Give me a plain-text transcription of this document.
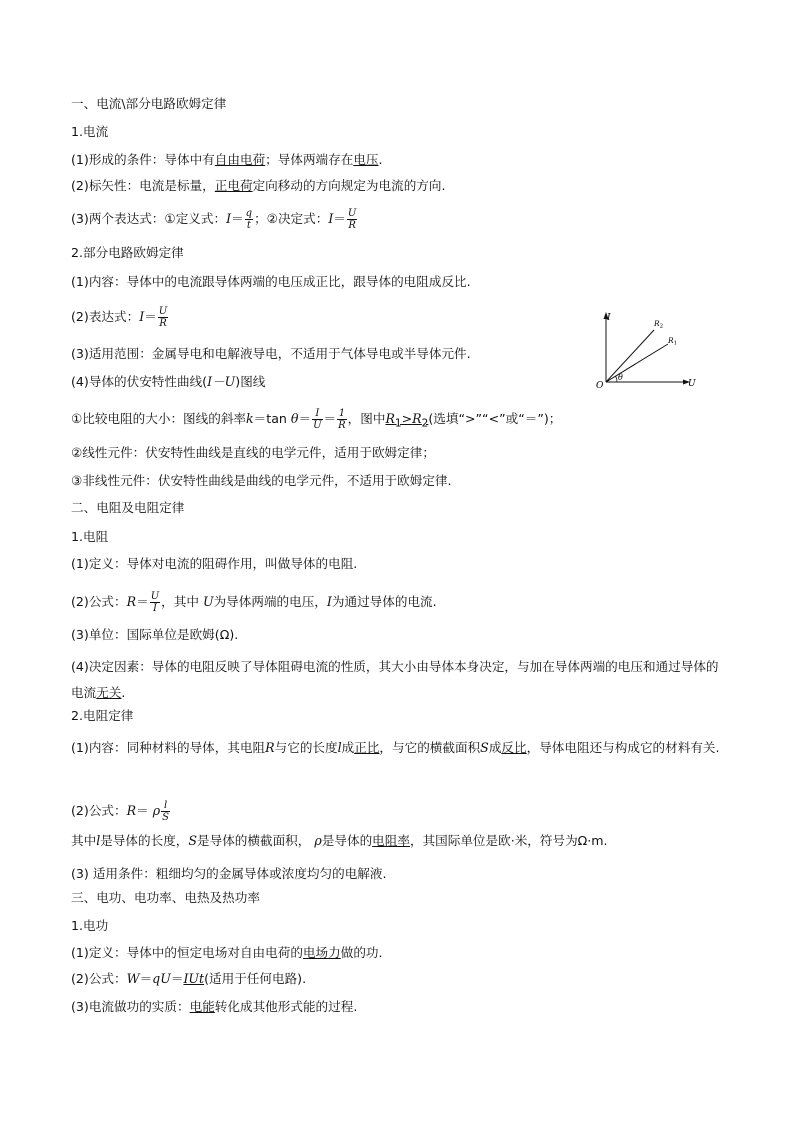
一、电流\部分电路欧姆定律
1.电流
(1)形成的条件：导体中有自由电荷；导体两端存在电压.
(2)标矢性：电流是标量，正电荷定向移动的方向规定为电流的方向.
(3)两个表达式：①定义式：$I= \frac{q}{t}$ ；②决定式：$I= \frac{U}{R}$
2.部分电路欧姆定律
(1)内容：导体中的电流跟导体两端的电压成正比，跟导体的电阻成反比.
(2)表达式：$I= \frac{U}{R}$
(3)适用范围：金属导电和电解液导电，不适用于气体导电或半导体元件.
(4)导体的伏安特性曲线(I－U)图线
①比较电阻的大小：图线的斜率k＝tan $\theta= \frac{I}{U} = \frac{1}{R}$ ，图中$R_1>R_2$(选填“>”“<”或“＝”)；
②线性元件：伏安特性曲线是直线的电学元件，适用于欧姆定律；
③非线性元件：伏安特性曲线是曲线的电学元件，不适用于欧姆定律.
I
U
O
$R_2$
$R_1$
θ
二、电阻及电阻定律
1.电阻
(1)定义：导体对电流的阻碍作用，叫做导体的电阻.
(2)公式：$R= \frac{U}{I}$ ，其中 U为导体两端的电压，I为通过导体的电流.
(3)单位：国际单位是欧姆(Ω).
(4)决定因素：导体的电阻反映了导体阻碍电流的性质，其大小由导体本身决定，与加在导体两端的电压和通过导体的电流无关.
2.电阻定律
(1)内容：同种材料的导体，其电阻R与它的长度l成正比，与它的横截面积S成反比，导体电阻还与构成它的材料有关.
(2)公式：R＝ ρ $\frac{l}{S}$
其中l是导体的长度，S是导体的横截面积， ρ是导体的电阻率，其国际单位是欧·米，符号为Ω·m.
(3) 适用条件：粗细均匀的金属导体或浓度均匀的电解液.
三、电功、电功率、电热及热功率
1.电功
(1)定义：导体中的恒定电场对自由电荷的电场力做的功.
(2)公式：W＝qU＝IUt(适用于任何电路).
(3)电流做功的实质：电能转化成其他形式能的过程.
